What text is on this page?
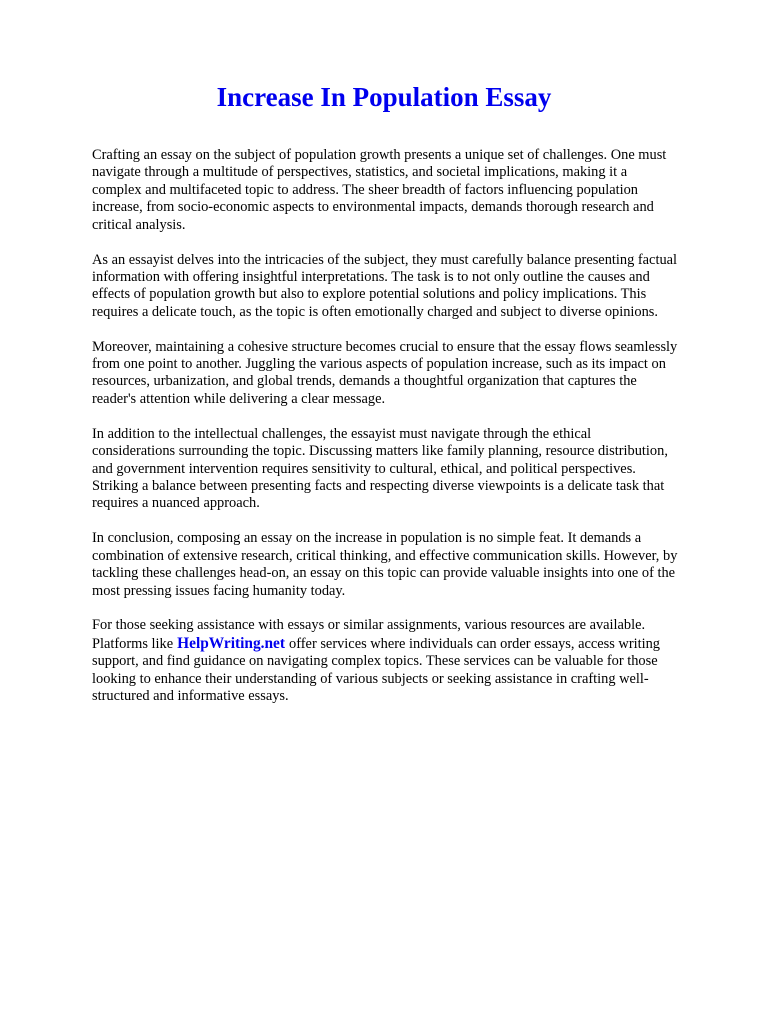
Increase In Population Essay

Crafting an essay on the subject of population growth presents a unique set of challenges. One must
navigate through a multitude of perspectives, statistics, and societal implications, making it a
complex and multifaceted topic to address. The sheer breadth of factors influencing population
increase, from socio-economic aspects to environmental impacts, demands thorough research and
critical analysis.

As an essayist delves into the intricacies of the subject, they must carefully balance presenting factual
information with offering insightful interpretations. The task is to not only outline the causes and
effects of population growth but also to explore potential solutions and policy implications. This
requires a delicate touch, as the topic is often emotionally charged and subject to diverse opinions.

Moreover, maintaining a cohesive structure becomes crucial to ensure that the essay flows seamlessly
from one point to another. Juggling the various aspects of population increase, such as its impact on
resources, urbanization, and global trends, demands a thoughtful organization that captures the
reader's attention while delivering a clear message.

In addition to the intellectual challenges, the essayist must navigate through the ethical
considerations surrounding the topic. Discussing matters like family planning, resource distribution,
and government intervention requires sensitivity to cultural, ethical, and political perspectives.
Striking a balance between presenting facts and respecting diverse viewpoints is a delicate task that
requires a nuanced approach.

In conclusion, composing an essay on the increase in population is no simple feat. It demands a
combination of extensive research, critical thinking, and effective communication skills. However, by
tackling these challenges head-on, an essay on this topic can provide valuable insights into one of the
most pressing issues facing humanity today.

For those seeking assistance with essays or similar assignments, various resources are available.
Platforms like HelpWriting.net offer services where individuals can order essays, access writing
support, and find guidance on navigating complex topics. These services can be valuable for those
looking to enhance their understanding of various subjects or seeking assistance in crafting well-
structured and informative essays.
